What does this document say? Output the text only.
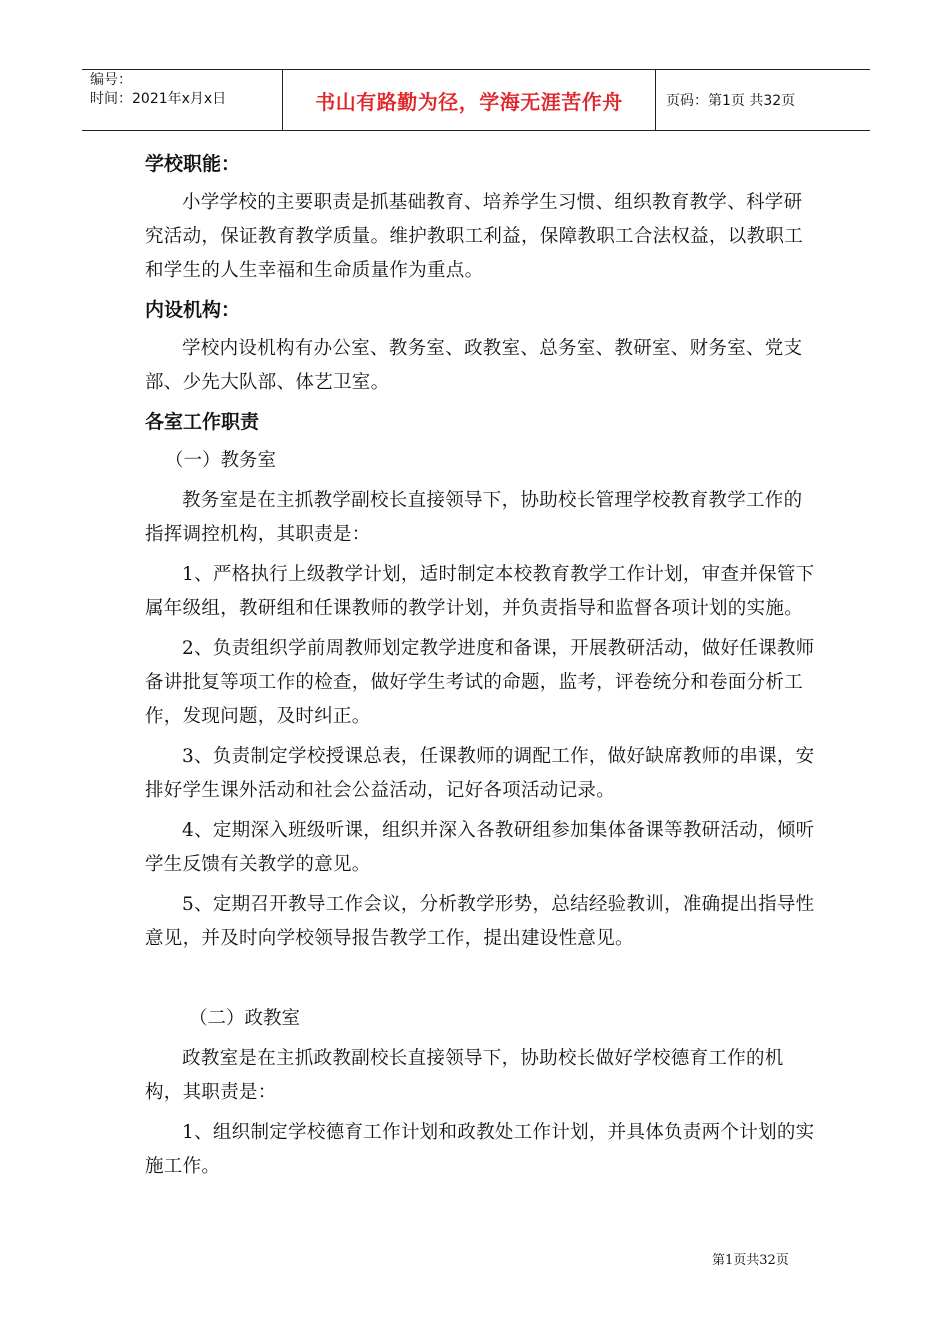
编号：
时间：2021年x月x日	书山有路勤为径，学海无涯苦作舟	页码：第1页 共32页
学校职能：
小学学校的主要职责是抓基础教育、培养学生习惯、组织教育教学、科学研究活动，保证教育教学质量。维护教职工利益，保障教职工合法权益，以教职工和学生的人生幸福和生命质量作为重点。
内设机构：
学校内设机构有办公室、教务室、政教室、总务室、教研室、财务室、党支部、少先大队部、体艺卫室。
各室工作职责
（一）教务室
教务室是在主抓教学副校长直接领导下，协助校长管理学校教育教学工作的指挥调控机构，其职责是：
1、严格执行上级教学计划，适时制定本校教育教学工作计划，审查并保管下属年级组，教研组和任课教师的教学计划，并负责指导和监督各项计划的实施。
2、负责组织学前周教师划定教学进度和备课，开展教研活动，做好任课教师备讲批复等项工作的检查，做好学生考试的命题，监考，评卷统分和卷面分析工作，发现问题，及时纠正。
3、负责制定学校授课总表，任课教师的调配工作，做好缺席教师的串课，安排好学生课外活动和社会公益活动，记好各项活动记录。
4、定期深入班级听课，组织并深入各教研组参加集体备课等教研活动，倾听学生反馈有关教学的意见。
5、定期召开教导工作会议，分析教学形势，总结经验教训，准确提出指导性意见，并及时向学校领导报告教学工作，提出建设性意见。
（二）政教室
政教室是在主抓政教副校长直接领导下，协助校长做好学校德育工作的机构，其职责是：
1、组织制定学校德育工作计划和政教处工作计划，并具体负责两个计划的实施工作。
第1页共32页
